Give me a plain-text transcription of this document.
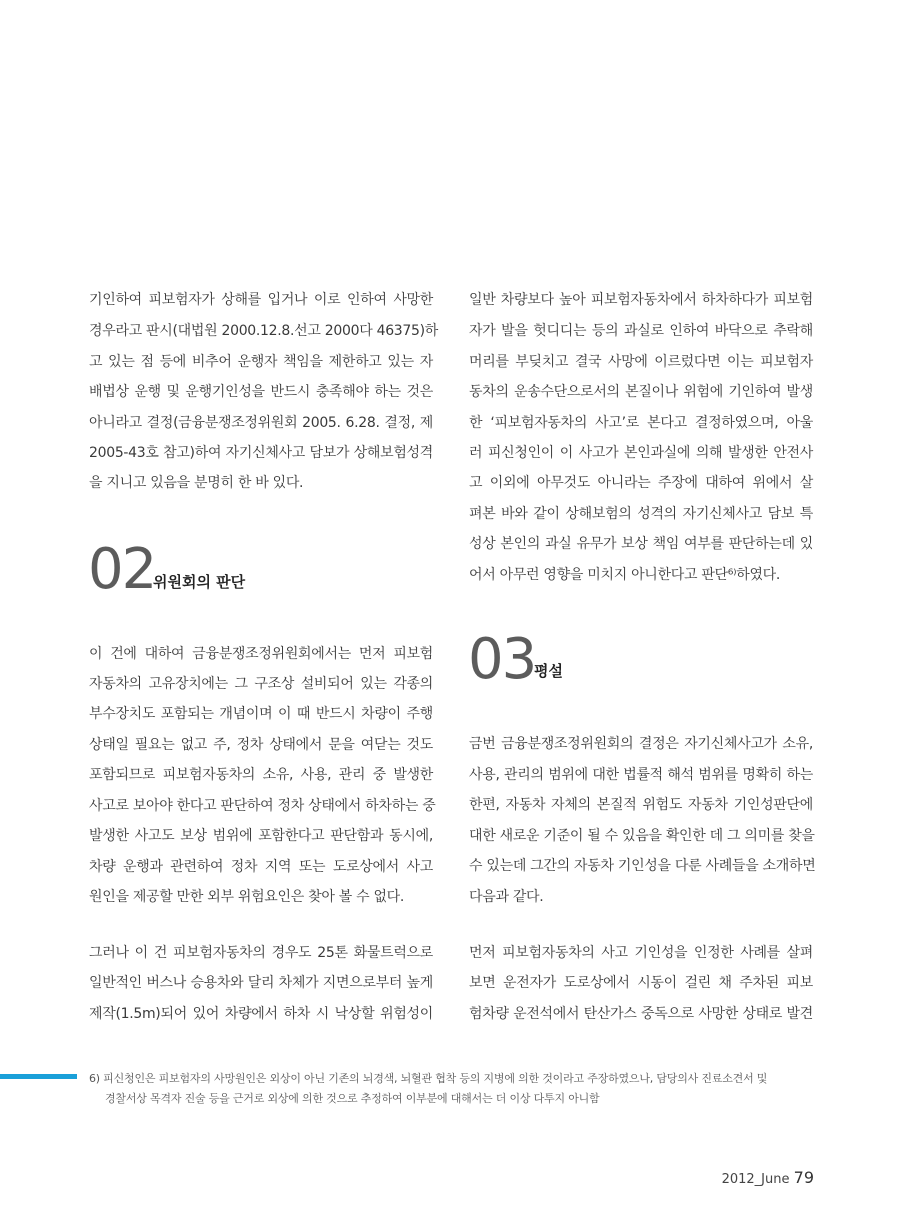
기인하여 피보험자가 상해를 입거나 이로 인하여 사망한
경우라고 판시(대법원 2000.12.8.선고 2000다 46375)하
고 있는 점 등에 비추어 운행자 책임을 제한하고 있는 자
배법상 운행 및 운행기인성을 반드시 충족해야 하는 것은
아니라고 결정(금융분쟁조정위원회 2005. 6.28. 결정, 제
2005-43호 참고)하여 자기신체사고 담보가 상해보험성격
을 지니고 있음을 분명히 한 바 있다.
02
위원회의 판단
이 건에 대하여 금융분쟁조정위원회에서는 먼저 피보험
자동차의 고유장치에는 그 구조상 설비되어 있는 각종의
부수장치도 포함되는 개념이며 이 때 반드시 차량이 주행
상태일 필요는 없고 주, 정차 상태에서 문을 여닫는 것도
포함되므로 피보험자동차의 소유, 사용, 관리 중 발생한
사고로 보아야 한다고 판단하여 정차 상태에서 하차하는 중
발생한 사고도 보상 범위에 포함한다고 판단함과 동시에,
차량 운행과 관련하여 정차 지역 또는 도로상에서 사고
원인을 제공할 만한 외부 위험요인은 찾아 볼 수 없다.
그러나 이 건 피보험자동차의 경우도 25톤 화물트럭으로
일반적인 버스나 승용차와 달리 차체가 지면으로부터 높게
제작(1.5m)되어 있어 차량에서 하차 시 낙상할 위험성이
일반 차량보다 높아 피보험자동차에서 하차하다가 피보험
자가 발을 헛디디는 등의 과실로 인하여 바닥으로 추락해
머리를 부딪치고 결국 사망에 이르렀다면 이는 피보험자
동차의 운송수단으로서의 본질이나 위험에 기인하여 발생
한 ‘피보험자동차의 사고’로 본다고 결정하였으며, 아울
러 피신청인이 이 사고가 본인과실에 의해 발생한 안전사
고 이외에 아무것도 아니라는 주장에 대하여 위에서 살
펴본 바와 같이 상해보험의 성격의 자기신체사고 담보 특
성상 본인의 과실 유무가 보상 책임 여부를 판단하는데 있
어서 아무런 영향을 미치지 아니한다고 판단⁶⁾하였다.
03
평설
금번 금융분쟁조정위원회의 결정은 자기신체사고가 소유,
사용, 관리의 범위에 대한 법률적 해석 범위를 명확히 하는
한편, 자동차 자체의 본질적 위험도 자동차 기인성판단에
대한 새로운 기준이 될 수 있음을 확인한 데 그 의미를 찾을
수 있는데 그간의 자동차 기인성을 다룬 사례들을 소개하면
다음과 같다.
먼저 피보험자동차의 사고 기인성을 인정한 사례를 살펴
보면 운전자가 도로상에서 시동이 걸린 채 주차된 피보
험차량 운전석에서 탄산가스 중독으로 사망한 상태로 발견
6) 피신청인은 피보험자의 사망원인은 외상이 아닌 기존의 뇌경색, 뇌혈관 협착 등의 지병에 의한 것이라고 주장하였으나, 담당의사 진료소견서 및
경찰서상 목격자 진술 등을 근거로 외상에 의한 것으로 추정하여 이부분에 대해서는 더 이상 다투지 아니함
2012_June 79
